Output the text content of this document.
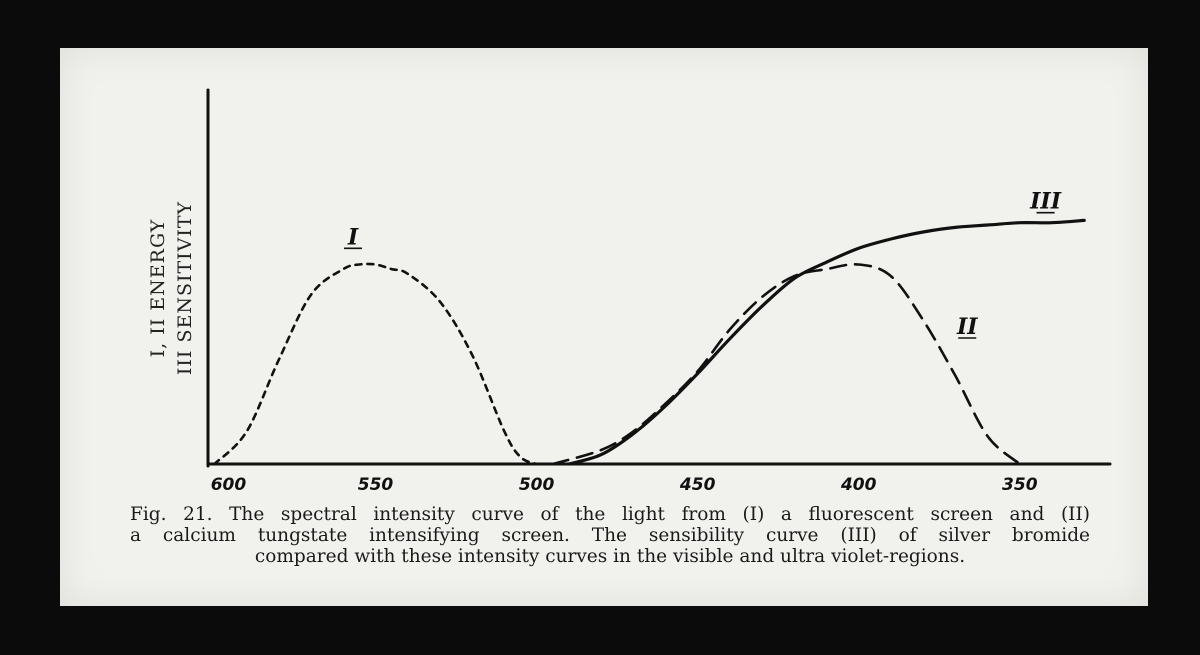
I, II ENERGY III SENSITIVITY
600	550	500	450	400	350
I
II
III
Fig. 21. The spectral intensity curve of the light from (I) a fluorescent screen and (II)
a calcium tungstate intensifying screen. The sensibility curve (III) of silver bromide
compared with these intensity curves in the visible and ultra violet-regions.
